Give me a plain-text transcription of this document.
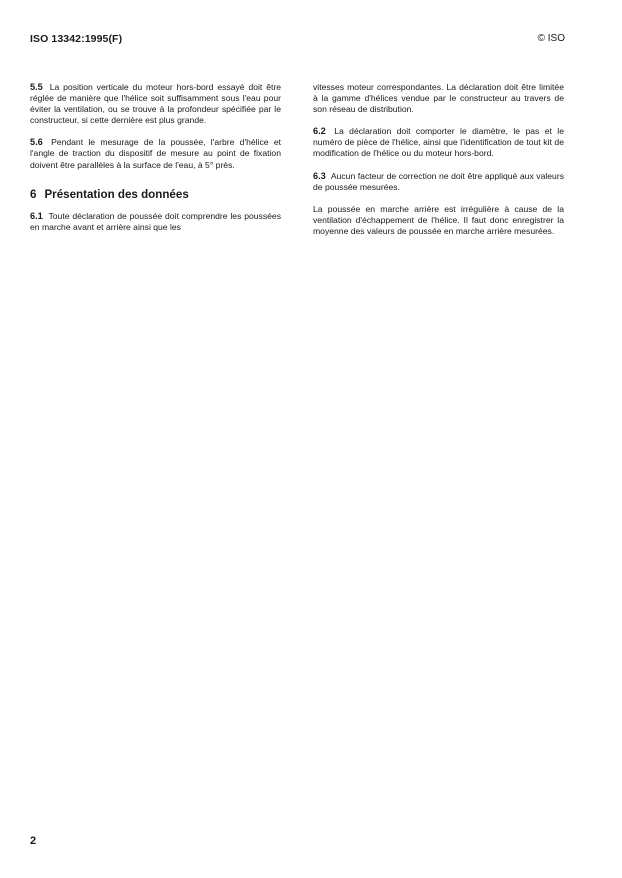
ISO 13342:1995(F)	© ISO

5.5 La position verticale du moteur hors-bord essayé doit être réglée de manière que l'hélice soit suffisamment sous l'eau pour éviter la ventilation, ou se trouve à la profondeur spécifiée par le constructeur, si cette dernière est plus grande.

5.6 Pendant le mesurage de la poussée, l'arbre d'hélice et l'angle de traction du dispositif de mesure au point de fixation doivent être parallèles à la surface de l'eau, à 5° près.

6 Présentation des données

6.1 Toute déclaration de poussée doit comprendre les poussées en marche avant et arrière ainsi que les

vitesses moteur correspondantes. La déclaration doit être limitée à la gamme d'hélices vendue par le constructeur au travers de son réseau de distribution.

6.2 La déclaration doit comporter le diamètre, le pas et le numéro de pièce de l'hélice, ainsi que l'identification de tout kit de modification de l'hélice ou du moteur hors-bord.

6.3 Aucun facteur de correction ne doit être appliqué aux valeurs de poussée mesurées.

La poussée en marche arrière est irrégulière à cause de la ventilation d'échappement de l'hélice. Il faut donc enregistrer la moyenne des valeurs de poussée en marche arrière mesurées.

2
